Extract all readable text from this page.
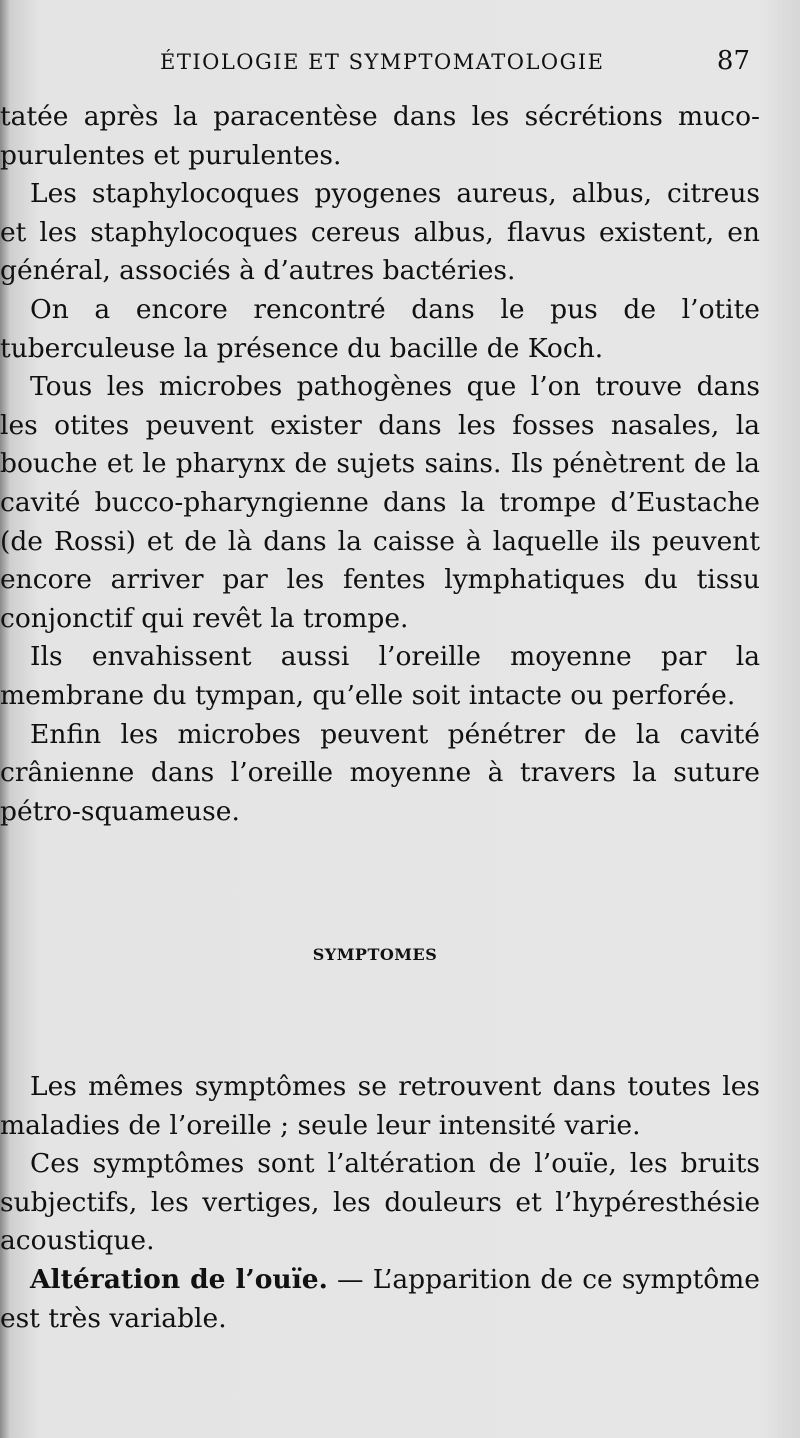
ÉTIOLOGIE ET SYMPTOMATOLOGIE	87

tatée après la paracentèse dans les sécrétions muco-purulentes et purulentes.

Les staphylocoques pyogenes aureus, albus, citreus et les staphylocoques cereus albus, flavus existent, en général, associés à d’autres bactéries.

On a encore rencontré dans le pus de l’otite tuberculeuse la présence du bacille de Koch.

Tous les microbes pathogènes que l’on trouve dans les otites peuvent exister dans les fosses nasales, la bouche et le pharynx de sujets sains. Ils pénètrent de la cavité bucco-pharyngienne dans la trompe d’Eustache (de Rossi) et de là dans la caisse à laquelle ils peuvent encore arriver par les fentes lymphatiques du tissu conjonctif qui revêt la trompe.

Ils envahissent aussi l’oreille moyenne par la membrane du tympan, qu’elle soit intacte ou perforée.

Enfin les microbes peuvent pénétrer de la cavité crânienne dans l’oreille moyenne à travers la suture pétro-squameuse.

SYMPTOMES

Les mêmes symptômes se retrouvent dans toutes les maladies de l’oreille ; seule leur intensité varie.

Ces symptômes sont l’altération de l’ouïe, les bruits subjectifs, les vertiges, les douleurs et l’hypéresthésie acoustique.

Altération de l’ouïe. — L’apparition de ce symptôme est très variable.
